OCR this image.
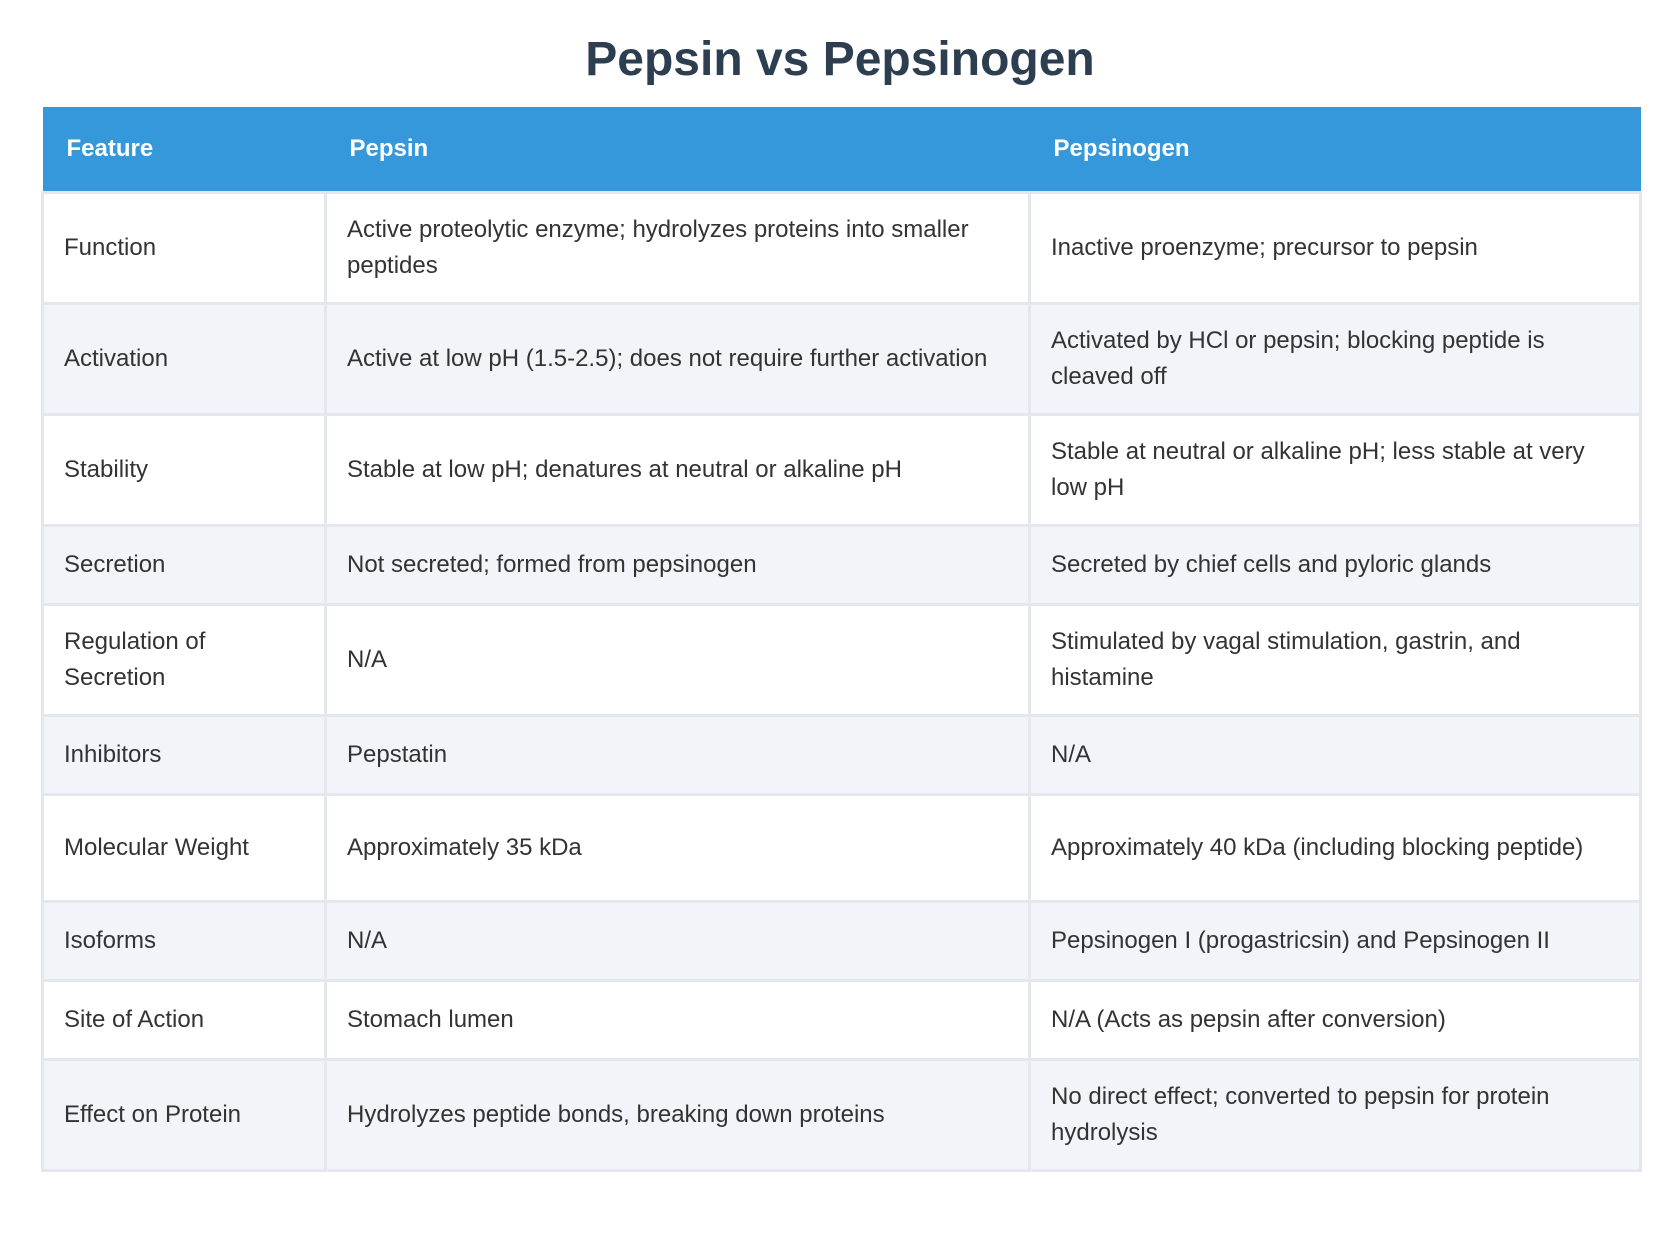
Pepsin vs Pepsinogen
Feature	Pepsin	Pepsinogen
Function	Active proteolytic enzyme; hydrolyzes proteins into smaller peptides	Inactive proenzyme; precursor to pepsin
Activation	Active at low pH (1.5-2.5); does not require further activation	Activated by HCl or pepsin; blocking peptide is cleaved off
Stability	Stable at low pH; denatures at neutral or alkaline pH	Stable at neutral or alkaline pH; less stable at very low pH
Secretion	Not secreted; formed from pepsinogen	Secreted by chief cells and pyloric glands
Regulation of Secretion	N/A	Stimulated by vagal stimulation, gastrin, and histamine
Inhibitors	Pepstatin	N/A
Molecular Weight	Approximately 35 kDa	Approximately 40 kDa (including blocking peptide)
Isoforms	N/A	Pepsinogen I (progastricsin) and Pepsinogen II
Site of Action	Stomach lumen	N/A (Acts as pepsin after conversion)
Effect on Protein	Hydrolyzes peptide bonds, breaking down proteins	No direct effect; converted to pepsin for protein hydrolysis
